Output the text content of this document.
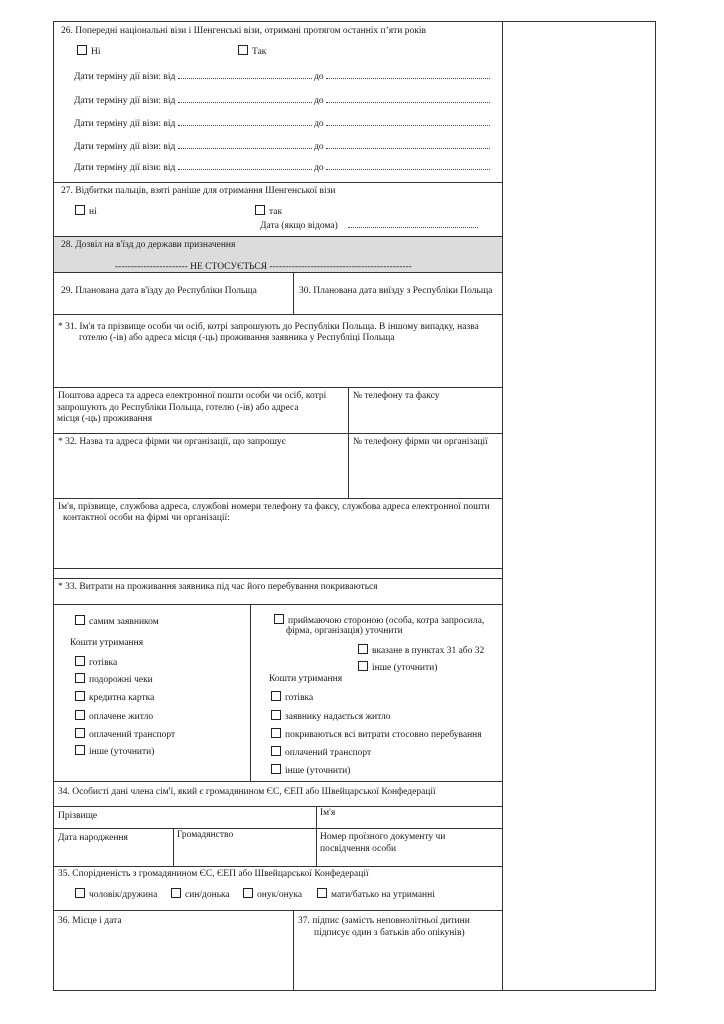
26. Попередні національні візи і Шенгенські візи, отримані протягом останніх п’яти років
Ні	Так
Дати терміну дії візи: від	до
Дати терміну дії візи: від	до
Дати терміну дії візи: від	до
Дати терміну дії візи: від	до
Дати терміну дії візи: від	до
27. Відбитки пальців, взяті раніше для отримання Шенгенської візи
ні	так
Дата (якщо відома)
28. Дозвіл на в'їзд до держави призначення
----------------------- НЕ СТОСУЄТЬСЯ ---------------------------------------------
29. Планована дата в'їзду до Республіки Польща	30. Планована дата виїзду з Республіки Польща
* 31. Ім'я та прізвище особи чи осіб, котрі запрошують до Республіки Польща. В іншому випадку, назва
готелю (-ів) або адреса місця (-ць) проживання заявника у Республіці Польща
Поштова адреса та адреса електронної пошти особи чи осіб, котрі
запрошують до Республіки Польща, готелю (-ів) або адреса
місця (-ць) проживання
№ телефону та факсу
* 32. Назва та адреса фірми чи організації, що запрошує	№ телефону фірми чи організації
Ім'я, прізвище, службова адреса, службові номери телефону та факсу, службова адреса електронної пошти
контактної особи на фірмі чи організації:
* 33. Витрати на проживання заявника під час його перебування покриваються
самим заявником
Кошти утримання
готівка
подорожні чеки
кредитна картка
оплачене житло
оплачений транспорт
інше (уточнити)
приймаючою стороною (особа, котра запросила,
фірма, організація) уточнити
вказане в пунктах 31 або 32
інше (уточнити)
Кошти утримання
готівка
заявнику надається житло
покриваються всі витрати стосовно перебування
оплачений транспорт
інше (уточнити)
34. Особисті дані члена сім'ї, який є громадянином ЄС, ЄЕП або Швейцарської Конфедерації
Прізвище	Ім'я
Дата народження	Громадянство	Номер проїзного документу чи
посвідчення особи
35. Спорідненість з громадянином ЄС, ЄЕП або Швейцарської Конфедерації
чоловік/дружина	син/донька	онук/онука	мати/батько на утриманні
36. Місце і дата	37. підпис (замість неповнолітньої дитини
підписує один з батьків або опікунів)
